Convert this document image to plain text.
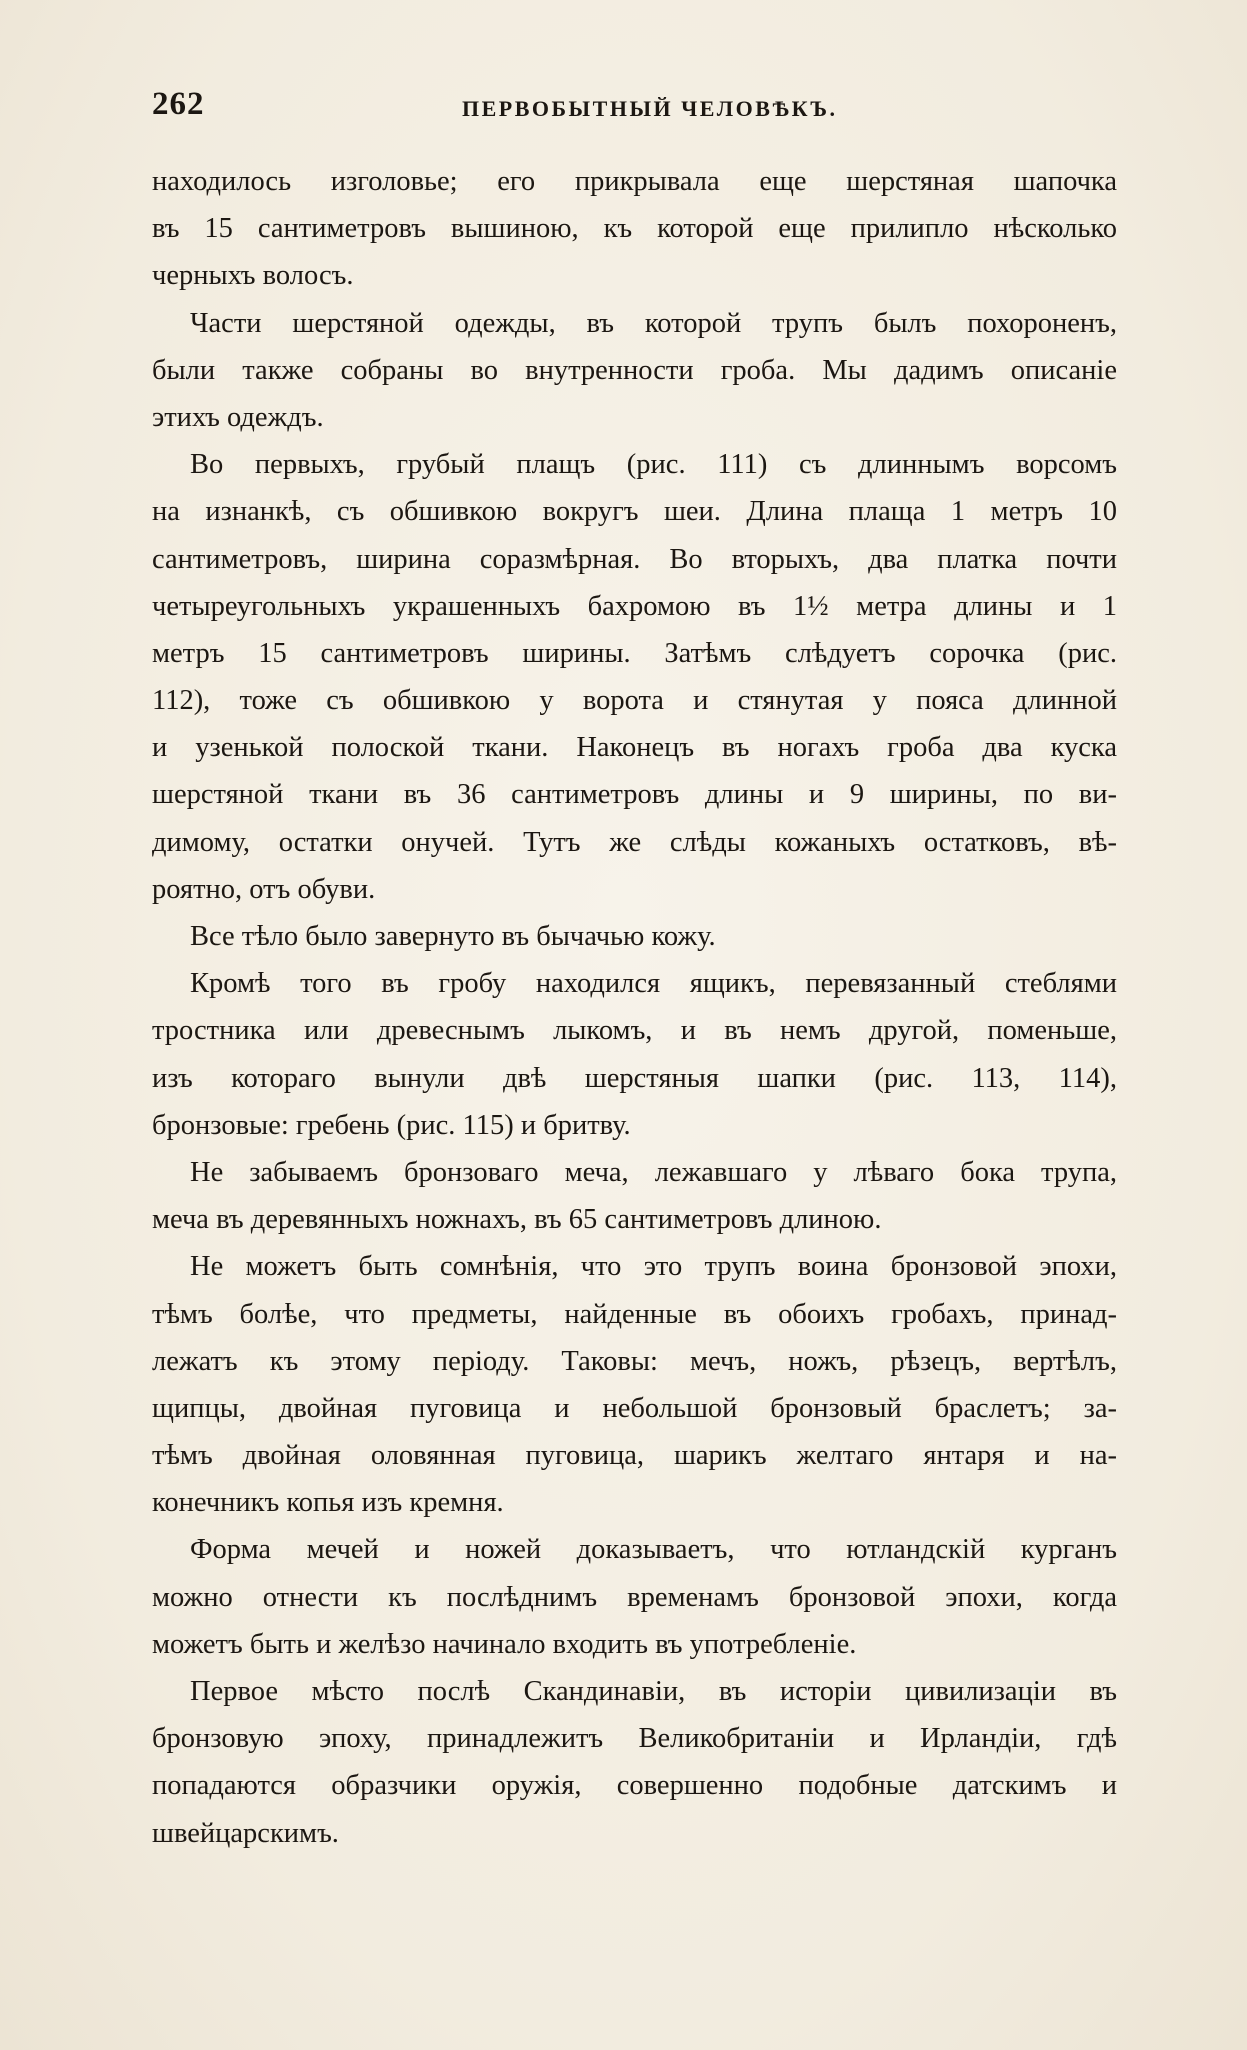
262	ПЕРВОБЫТНЫЙ ЧЕЛОВѢКЪ.
находилось изголовье; его прикрывала еще шерстяная шапочка
въ 15 сантиметровъ вышиною, къ которой еще прилипло нѣсколько
черныхъ волосъ.
Части шерстяной одежды, въ которой трупъ былъ похороненъ,
были также собраны во внутренности гроба. Мы дадимъ описаніе
этихъ одеждъ.
Во первыхъ, грубый плащъ (рис. 111) съ длиннымъ ворсомъ
на изнанкѣ, съ обшивкою вокругъ шеи. Длина плаща 1 метръ 10
сантиметровъ, ширина соразмѣрная. Во вторыхъ, два платка почти
четыреугольныхъ украшенныхъ бахромою въ 1½ метра длины и 1
метръ 15 сантиметровъ ширины. Затѣмъ слѣдуетъ сорочка (рис.
112), тоже съ обшивкою у ворота и стянутая у пояса длинной
и узенькой полоской ткани. Наконецъ въ ногахъ гроба два куска
шерстяной ткани въ 36 сантиметровъ длины и 9 ширины, по ви-
димому, остатки онучей. Тутъ же слѣды кожаныхъ остатковъ, вѣ-
роятно, отъ обуви.
Все тѣло было завернуто въ бычачью кожу.
Кромѣ того въ гробу находился ящикъ, перевязанный стеблями
тростника или древеснымъ лыкомъ, и въ немъ другой, поменьше,
изъ котораго вынули двѣ шерстяныя шапки (рис. 113, 114),
бронзовые: гребень (рис. 115) и бритву.
Не забываемъ бронзоваго меча, лежавшаго у лѣваго бока трупа,
меча въ деревянныхъ ножнахъ, въ 65 сантиметровъ длиною.
Не можетъ быть сомнѣнія, что это трупъ воина бронзовой эпохи,
тѣмъ болѣе, что предметы, найденные въ обоихъ гробахъ, принад-
лежатъ къ этому періоду. Таковы: мечъ, ножъ, рѣзецъ, вертѣлъ,
щипцы, двойная пуговица и небольшой бронзовый браслетъ; за-
тѣмъ двойная оловянная пуговица, шарикъ желтаго янтаря и на-
конечникъ копья изъ кремня.
Форма мечей и ножей доказываетъ, что ютландскій курганъ
можно отнести къ послѣднимъ временамъ бронзовой эпохи, когда
можетъ быть и желѣзо начинало входить въ употребленіе.
Первое мѣсто послѣ Скандинавіи, въ исторіи цивилизаціи въ
бронзовую эпоху, принадлежитъ Великобританіи и Ирландіи, гдѣ
попадаются образчики оружія, совершенно подобные датскимъ и
швейцарскимъ.
